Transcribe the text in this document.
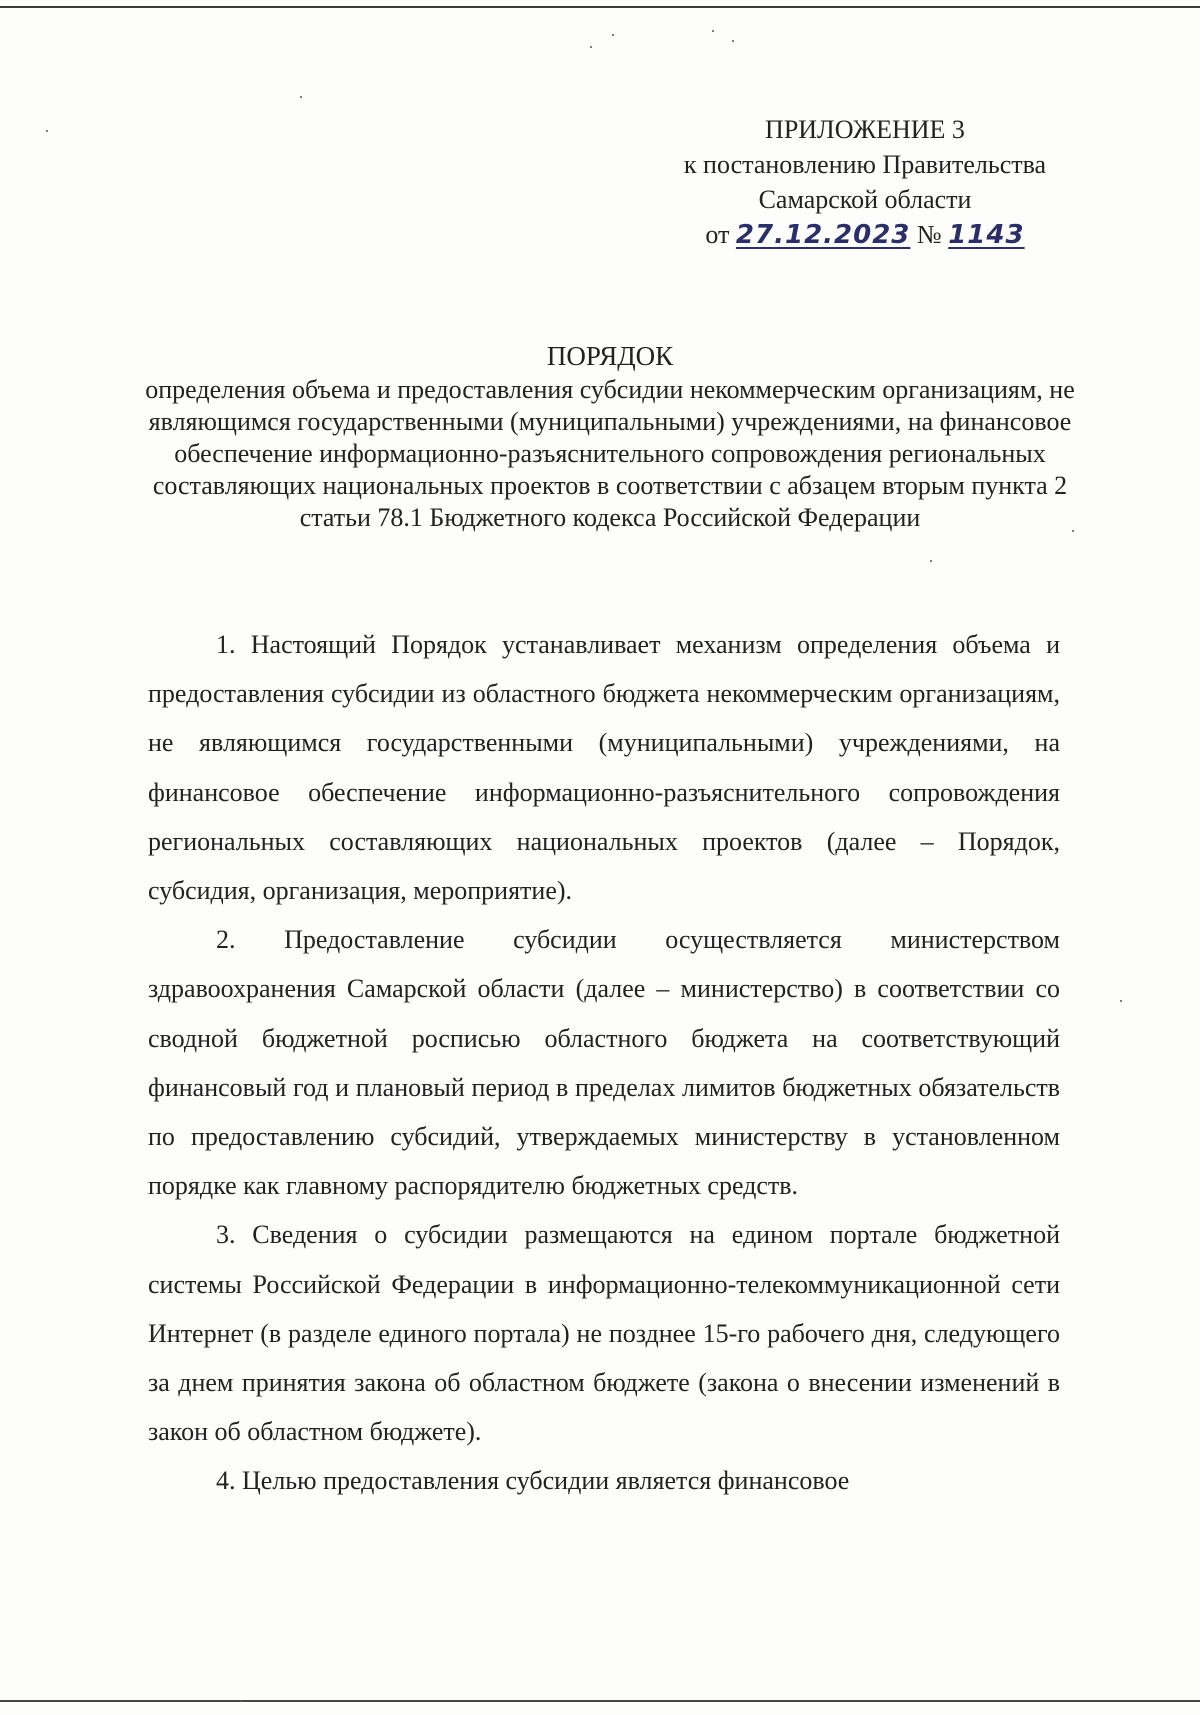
ПРИЛОЖЕНИЕ 3
к постановлению Правительства
Самарской области
от 27.12.2023 № 1143
ПОРЯДОК
определения объема и предоставления субсидии некоммерческим организациям, не являющимся государственными (муниципальными) учреждениями, на финансовое обеспечение информационно-разъяснительного сопровождения региональных составляющих национальных проектов в соответствии с абзацем вторым пункта 2 статьи 78.1 Бюджетного кодекса Российской Федерации

1. Настоящий Порядок устанавливает механизм определения объема и предоставления субсидии из областного бюджета некоммерческим организациям, не являющимся государственными (муниципальными) учреждениями, на финансовое обеспечение информационно-разъяснительного сопровождения региональных составляющих национальных проектов (далее – Порядок, субсидия, организация, мероприятие).

2. Предоставление субсидии осуществляется министерством здравоохранения Самарской области (далее – министерство) в соответствии со сводной бюджетной росписью областного бюджета на соответствующий финансовый год и плановый период в пределах лимитов бюджетных обязательств по предоставлению субсидий, утверждаемых министерству в установленном порядке как главному распорядителю бюджетных средств.

3. Сведения о субсидии размещаются на едином портале бюджетной системы Российской Федерации в информационно-телекоммуникационной сети Интернет (в разделе единого портала) не позднее 15-го рабочего дня, следующего за днем принятия закона об областном бюджете (закона о внесении изменений в закон об областном бюджете).

4. Целью предоставления субсидии является финансовое
